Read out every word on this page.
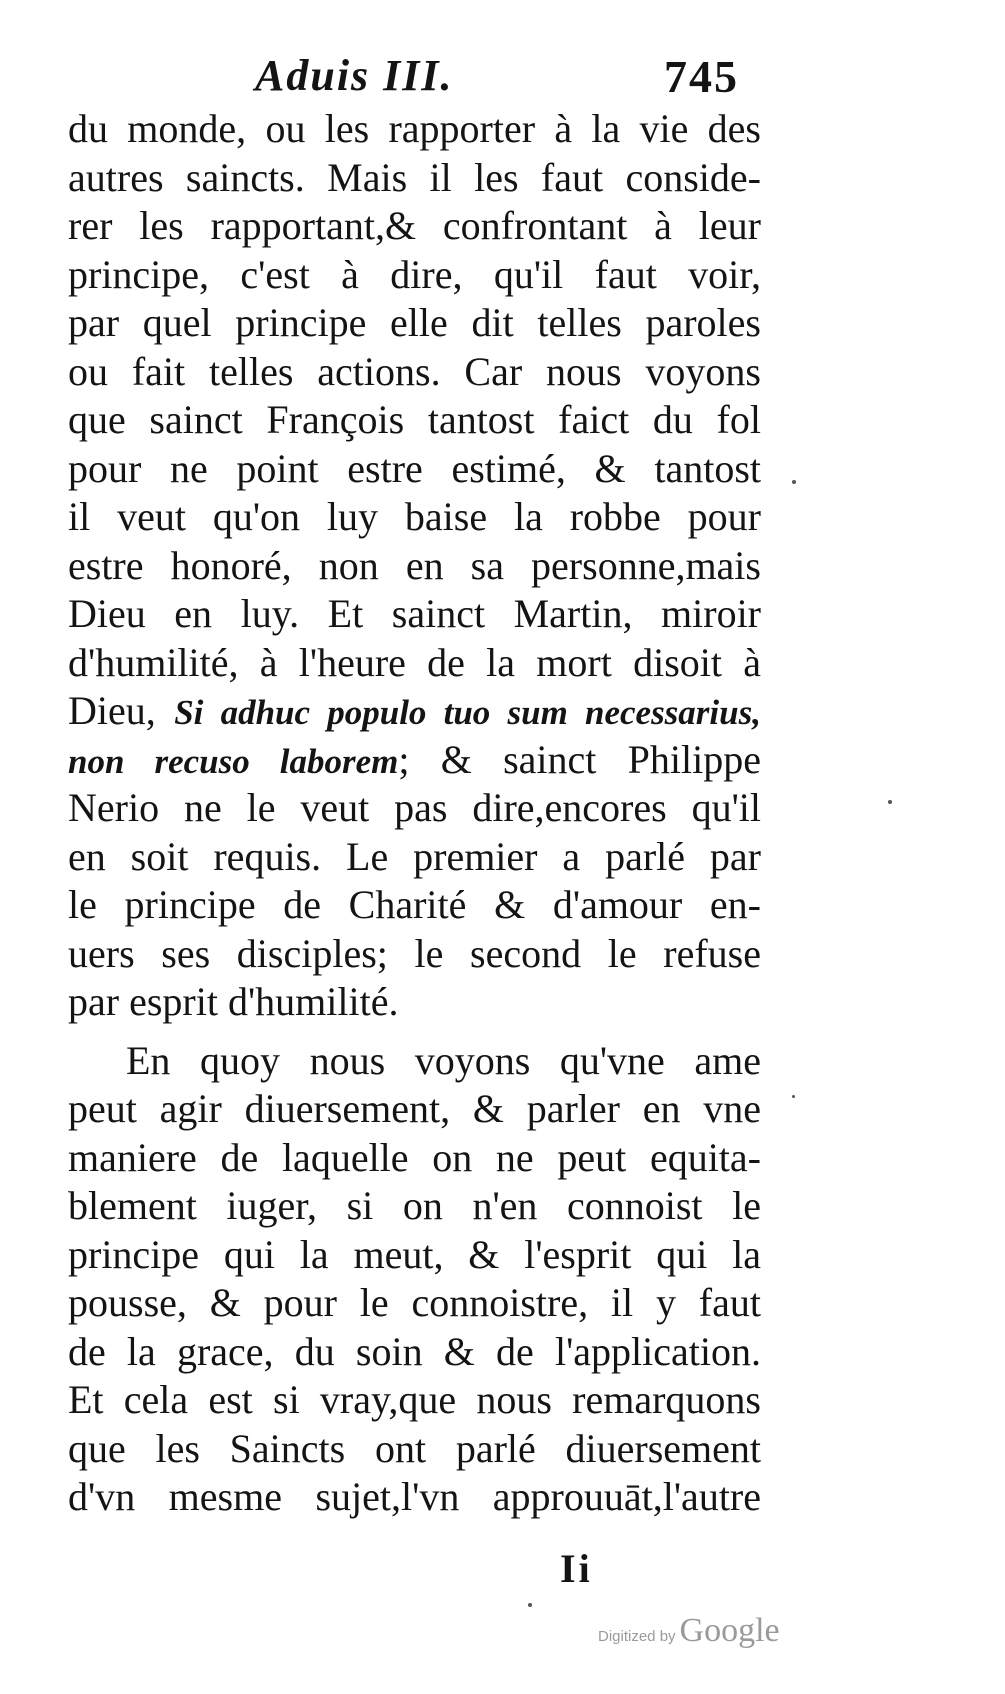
Aduis III.	745
du monde, ou les rapporter à la vie des
autres saincts. Mais il les faut conside-
rer les rapportant,& confrontant à leur
principe, c'est à dire, qu'il faut voir,
par quel principe elle dit telles paroles
ou fait telles actions. Car nous voyons
que sainct François tantost faict du fol
pour ne point estre estimé, & tantost
il veut qu'on luy baise la robbe pour
estre honoré, non en sa personne,mais
Dieu en luy. Et sainct Martin, miroir
d'humilité, à l'heure de la mort disoit à
Dieu, Si adhuc populo tuo sum necessarius,
non recuso laborem; & sainct Philippe
Nerio ne le veut pas dire,encores qu'il
en soit requis. Le premier a parlé par
le principe de Charité & d'amour en-
uers ses disciples; le second le refuse
par esprit d'humilité.
En quoy nous voyons qu'vne ame
peut agir diuersement, & parler en vne
maniere de laquelle on ne peut equita-
blement iuger, si on n'en connoist le
principe qui la meut, & l'esprit qui la
pousse, & pour le connoistre, il y faut
de la grace, du soin & de l'application.
Et cela est si vray,que nous remarquons
que les Saincts ont parlé diuersement
d'vn mesme sujet,l'vn approuuāt,l'autre
Ii
Digitized by Google
